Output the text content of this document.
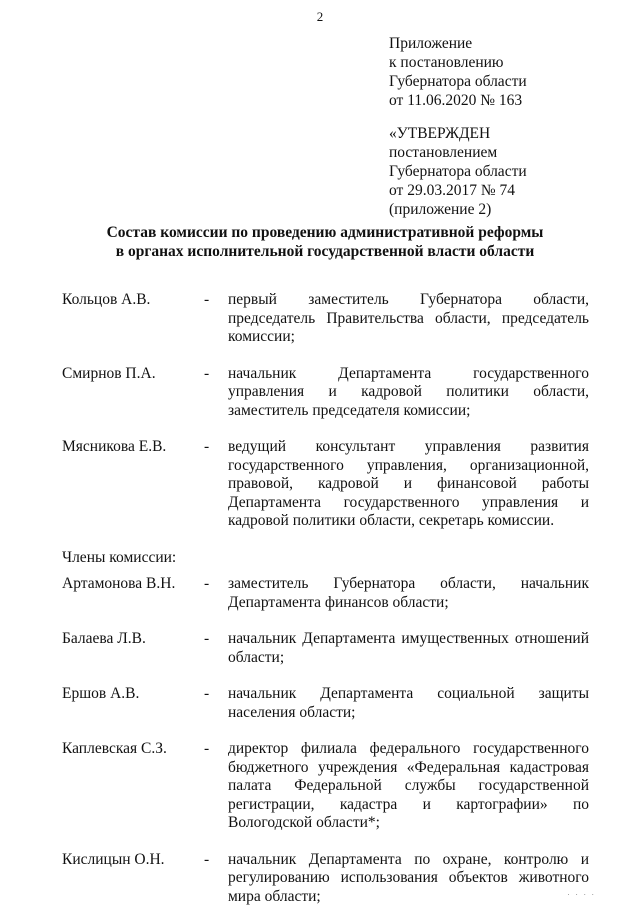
2
Приложение
к постановлению
Губернатора области
от 11.06.2020 № 163
«УТВЕРЖДЕН
постановлением
Губернатора области
от 29.03.2017 № 74
(приложение 2)
Состав комиссии по проведению административной реформы
в органах исполнительной государственной власти области
Кольцов А.В.	-	первый заместитель Губернатора области, председатель Правительства области, председатель комиссии;
Смирнов П.А.	-	начальник Департамента государственного управления и кадровой политики области, заместитель председателя комиссии;
Мясникова Е.В.	-	ведущий консультант управления развития государственного управления, организационной, правовой, кадровой и финансовой работы Департамента государственного управления и кадровой политики области, секретарь комиссии.
Члены комиссии:
Артамонова В.Н.	-	заместитель Губернатора области, начальник Департамента финансов области;
Балаева Л.В.	-	начальник Департамента имущественных отношений области;
Ершов А.В.	-	начальник Департамента социальной защиты населения области;
Каплевская С.З.	-	директор филиала федерального государственного бюджетного учреждения «Федеральная кадастровая палата Федеральной службы государственной регистрации, кадастра и картографии» по Вологодской области*;
Кислицын О.Н.	-	начальник Департамента по охране, контролю и регулированию использования объектов животного мира области;	· · · ·
